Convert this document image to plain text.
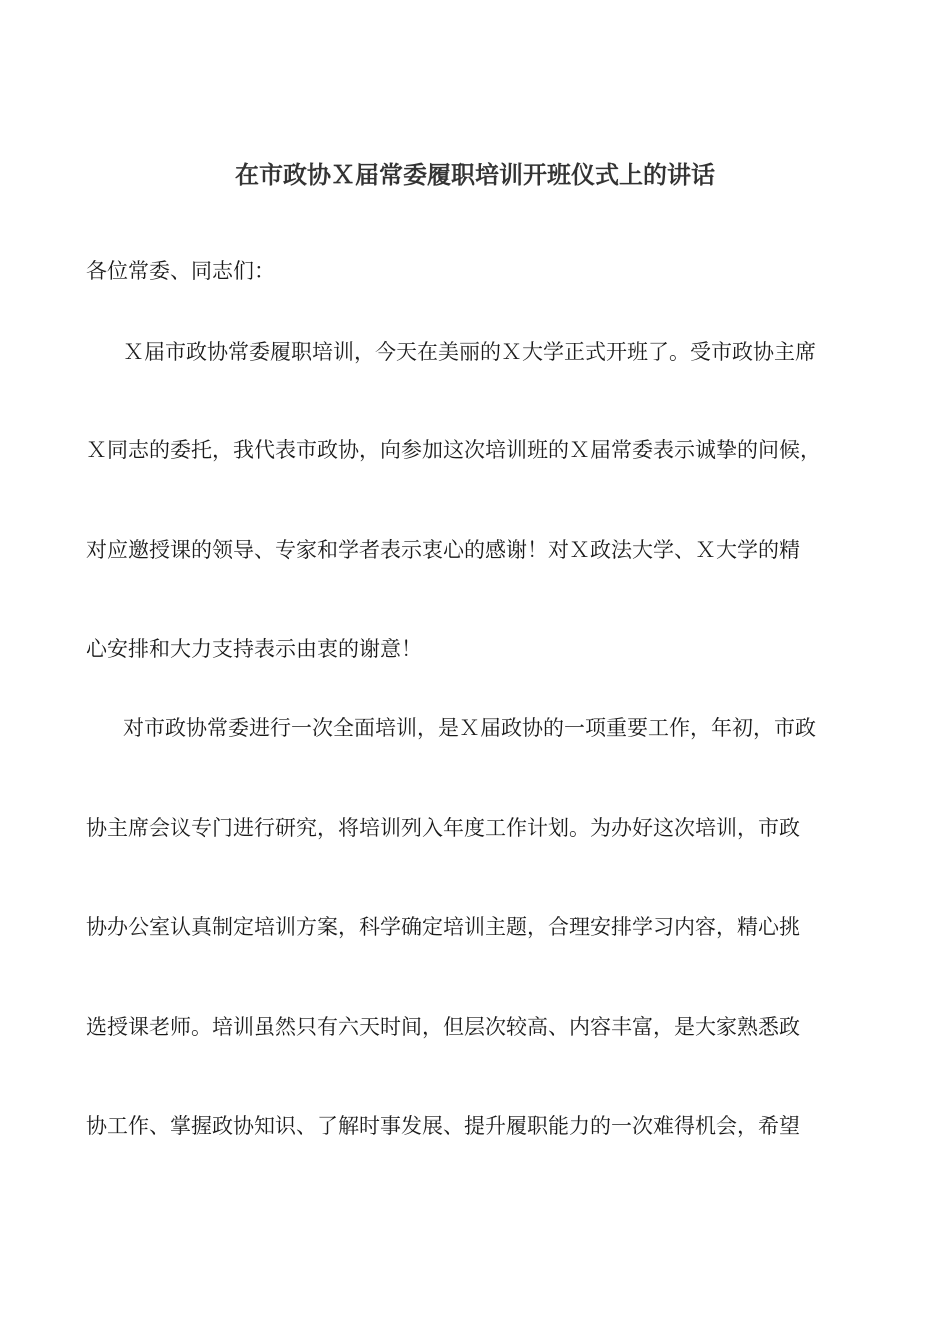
在市政协Ｘ届常委履职培训开班仪式上的讲话
各位常委、同志们：
Ｘ届市政协常委履职培训，今天在美丽的Ｘ大学正式开班了。受市政协主席
Ｘ同志的委托，我代表市政协，向参加这次培训班的Ｘ届常委表示诚挚的问候，
对应邀授课的领导、专家和学者表示衷心的感谢！对Ｘ政法大学、Ｘ大学的精
心安排和大力支持表示由衷的谢意！
对市政协常委进行一次全面培训，是Ｘ届政协的一项重要工作，年初，市政
协主席会议专门进行研究，将培训列入年度工作计划。为办好这次培训，市政
协办公室认真制定培训方案，科学确定培训主题，合理安排学习内容，精心挑
选授课老师。培训虽然只有六天时间，但层次较高、内容丰富，是大家熟悉政
协工作、掌握政协知识、了解时事发展、提升履职能力的一次难得机会，希望
